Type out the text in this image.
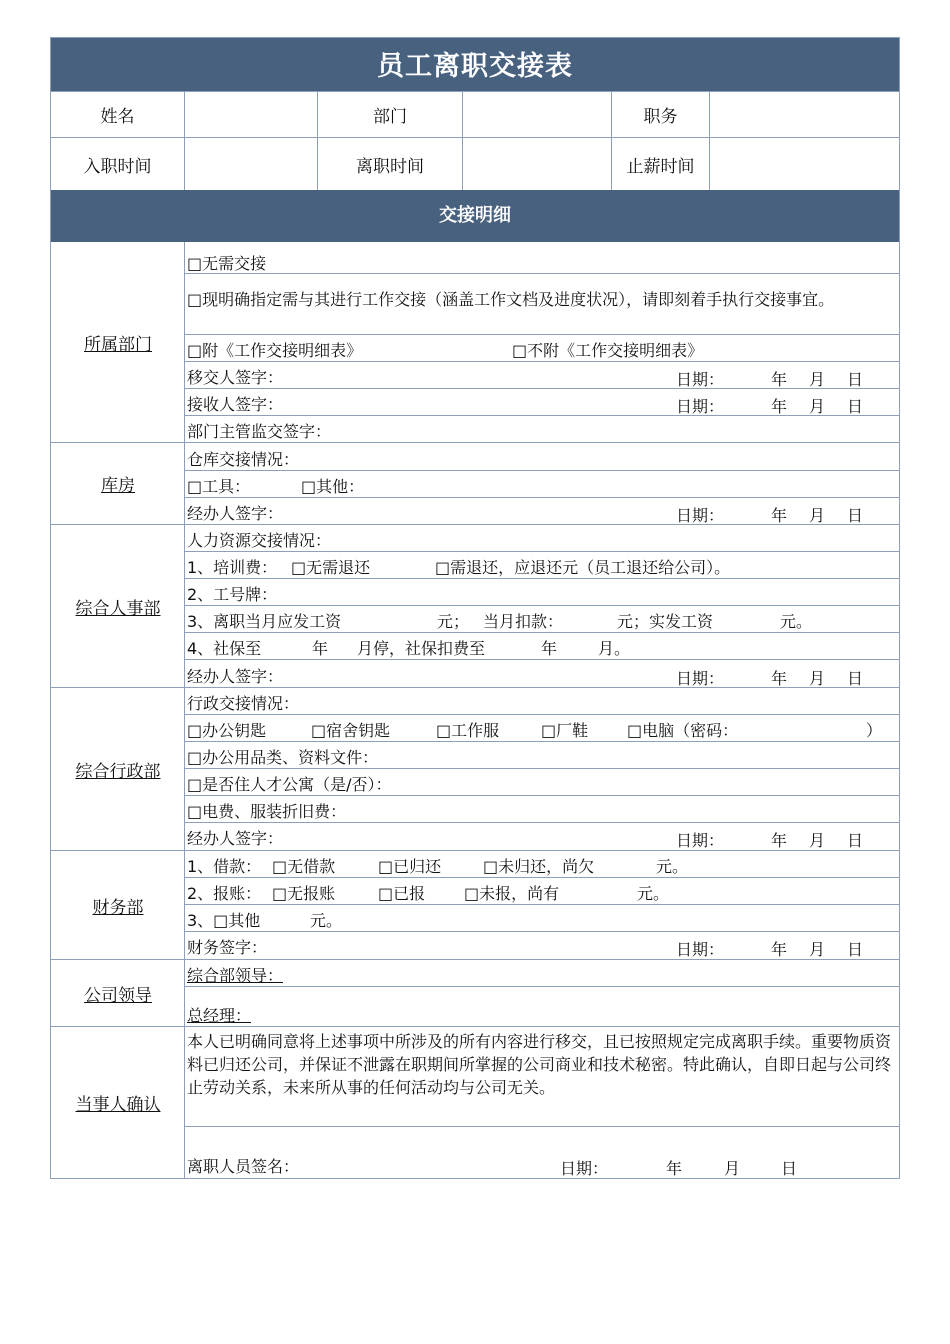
员工离职交接表
姓名	部门	职务
入职时间	离职时间	止薪时间
交接明细
所属部门
□无需交接
□现明确指定需与其进行工作交接（涵盖工作文档及进度状况），请即刻着手执行交接事宜。
□附《工作交接明细表》	□不附《工作交接明细表》
移交人签字：	日期：	年 月 日
接收人签字：	日期：	年 月 日
部门主管监交签字：
库房
仓库交接情况：
□工具：	□其他：
经办人签字：	日期：	年 月 日
综合人事部
人力资源交接情况：
1、培训费： □无需退还	□需退还，应退还元（员工退还给公司）。
2、工号牌：
3、离职当月应发工资	元； 当月扣款：	元；实发工资	元。
4、社保至	年 月停，社保扣费至	年	月。
经办人签字：	日期：	年 月 日
综合行政部
行政交接情况：
□办公钥匙	□宿舍钥匙	□工作服	□厂鞋 □电脑（密码：	）
□办公用品类、资料文件：
□是否住人才公寓（是/否）：
□电费、服装折旧费：
经办人签字：	日期：	年 月 日
财务部
1、借款： □无借款	□已归还	□未归还，尚欠	元。
2、报账： □无报账	□已报 □未报，尚有	元。
3、□其他	元。
财务签字：	日期：	年 月 日
公司领导
综合部领导：
总经理：
当事人确认
本人已明确同意将上述事项中所涉及的所有内容进行移交，且已按照规定完成离职手续。重要物质资料已归还公司，并保证不泄露在职期间所掌握的公司商业和技术秘密。特此确认，自即日起与公司终止劳动关系，未来所从事的任何活动均与公司无关。
离职人员签名：	日期：	年	月	日
